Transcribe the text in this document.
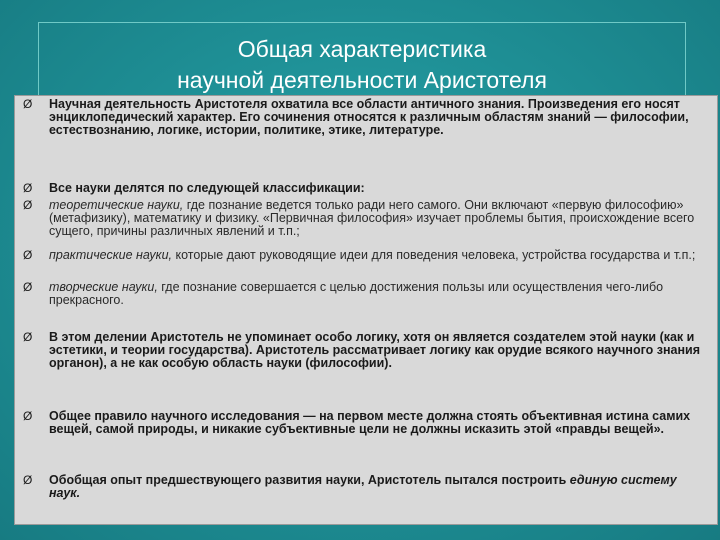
Общая характеристика
научной деятельности Аристотеля
Ø	Научная деятельность Аристотеля охватила все области античного знания. Произведения его носят энциклопедический характер. Его сочинения относятся к различным областям знаний — философии, естествознанию, логике, истории, политике, этике, литературе.

Ø	Все науки делятся по следующей классификации:

Ø	теоретические науки, где познание ведется только ради него самого. Они включают «первую философию» (метафизику), математику и физику. «Первичная философия» изучает проблемы бытия, происхождение всего сущего, причины различных явлений и т.п.;

Ø	практические науки, которые дают руководящие идеи для поведения человека, устройства государства и т.п.;

Ø	творческие науки, где познание совершается с целью достижения пользы или осуществления чего-либо прекрасного.

Ø	В этом делении Аристотель не упоминает особо логику, хотя он является создателем этой науки (как и эстетики, и теории государства). Аристотель рассматривает логику как орудие всякого научного знания органон), а не как особую область науки (философии).

Ø	Общее правило научного исследования — на первом месте должна стоять объективная истина самих вещей, самой природы, и никакие субъективные цели не должны исказить этой «правды вещей».

Ø	Обобщая опыт предшествующего развития науки, Аристотель пытался построить единую систему наук.
